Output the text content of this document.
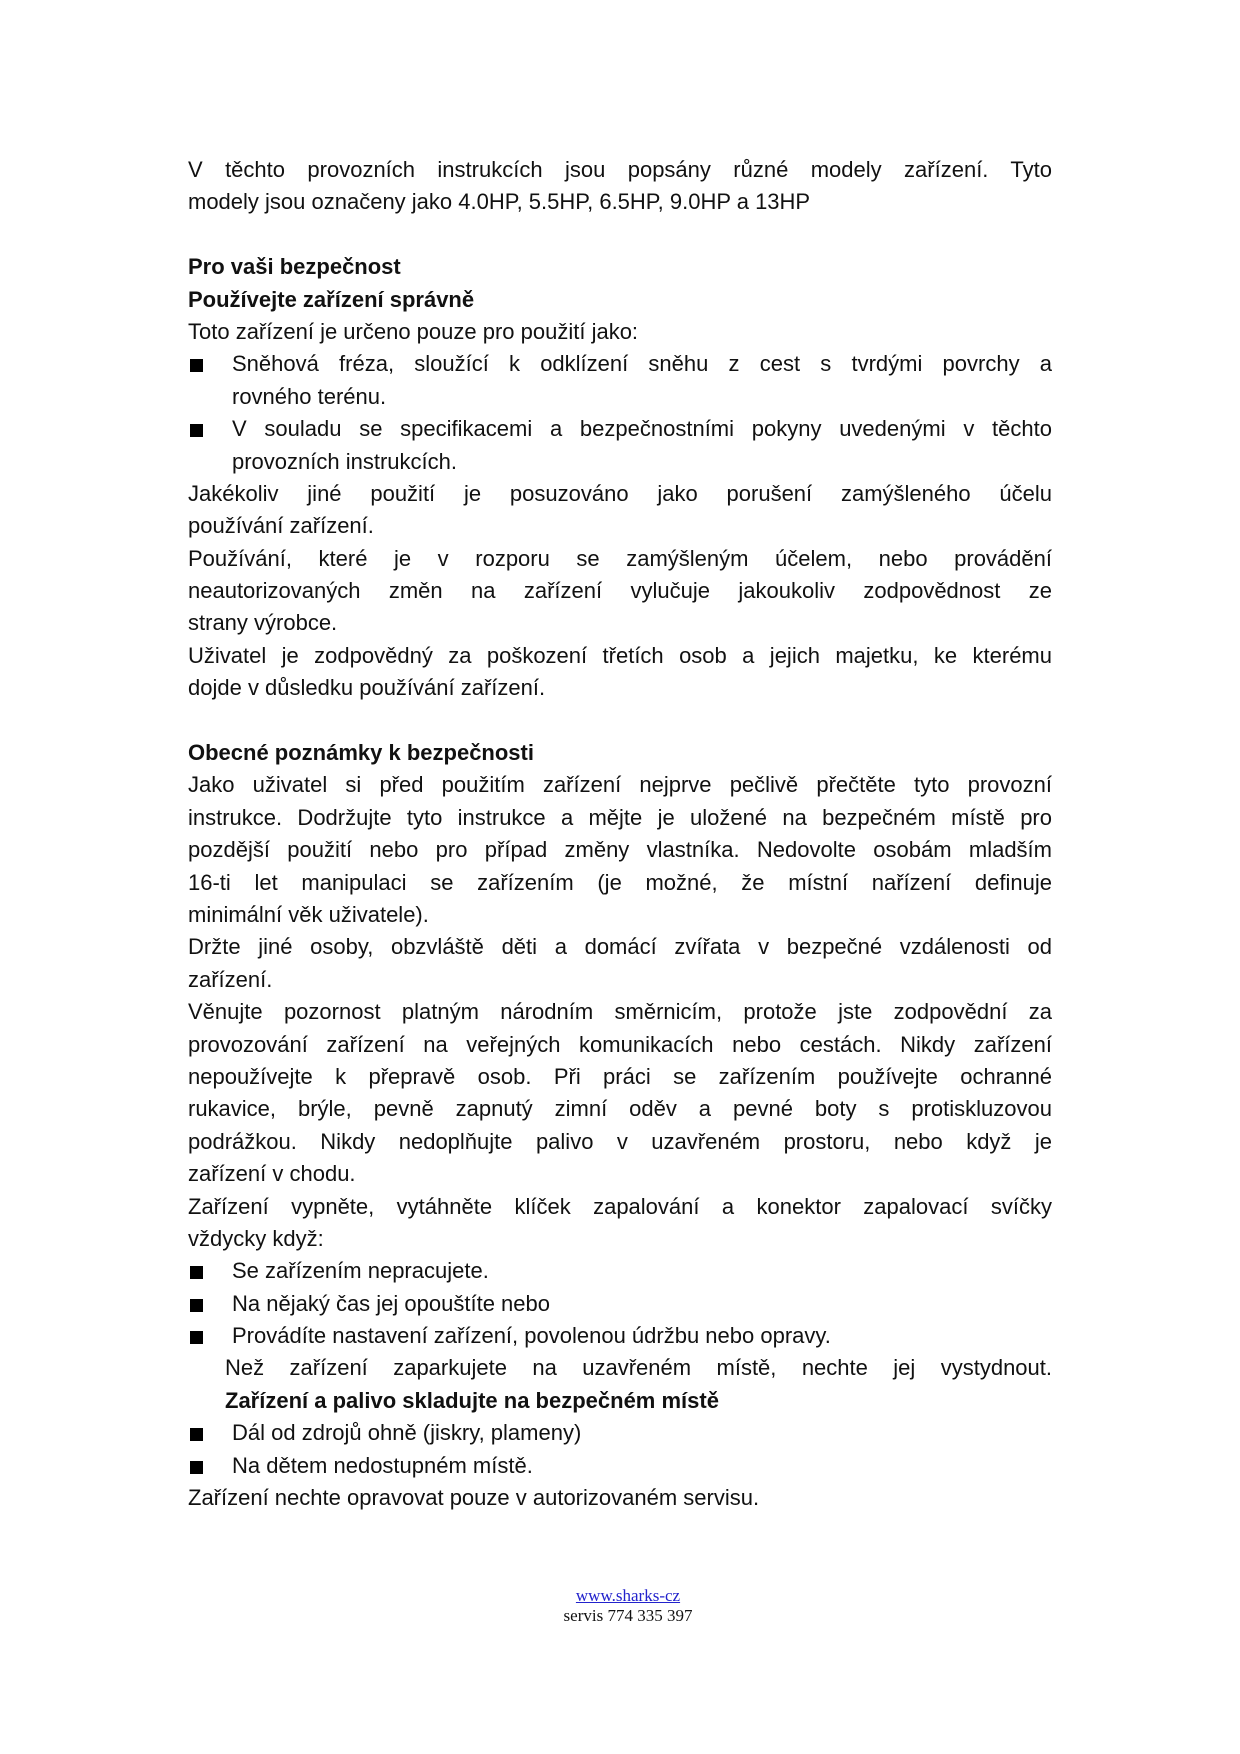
V těchto provozních instrukcích jsou popsány různé modely zařízení. Tyto
modely jsou označeny jako 4.0HP, 5.5HP, 6.5HP, 9.0HP a 13HP
Pro vaši bezpečnost
Používejte zařízení správně
Toto zařízení je určeno pouze pro použití jako:
Sněhová fréza, sloužící k odklízení sněhu z cest s tvrdými povrchy a
rovného terénu.
V souladu se specifikacemi a bezpečnostními pokyny uvedenými v těchto
provozních instrukcích.
Jakékoliv jiné použití je posuzováno jako porušení zamýšleného účelu
používání zařízení.
Používání, které je v rozporu se zamýšleným účelem, nebo provádění
neautorizovaných změn na zařízení vylučuje jakoukoliv zodpovědnost ze
strany výrobce.
Uživatel je zodpovědný za poškození třetích osob a jejich majetku, ke kterému
dojde v důsledku používání zařízení.
Obecné poznámky k bezpečnosti
Jako uživatel si před použitím zařízení nejprve pečlivě přečtěte tyto provozní
instrukce. Dodržujte tyto instrukce a mějte je uložené na bezpečném místě pro
pozdější použití nebo pro případ změny vlastníka. Nedovolte osobám mladším
16-ti let manipulaci se zařízením (je možné, že místní nařízení definuje
minimální věk uživatele).
Držte jiné osoby, obzvláště děti a domácí zvířata v bezpečné vzdálenosti od
zařízení.
Věnujte pozornost platným národním směrnicím, protože jste zodpovědní za
provozování zařízení na veřejných komunikacích nebo cestách. Nikdy zařízení
nepoužívejte k přepravě osob. Při práci se zařízením používejte ochranné
rukavice, brýle, pevně zapnutý zimní oděv a pevné boty s protiskluzovou
podrážkou. Nikdy nedoplňujte palivo v uzavřeném prostoru, nebo když je
zařízení v chodu.
Zařízení vypněte, vytáhněte klíček zapalování a konektor zapalovací svíčky
vždycky když:
Se zařízením nepracujete.
Na nějaký čas jej opouštíte nebo
Provádíte nastavení zařízení, povolenou údržbu nebo opravy.
Než zařízení zaparkujete na uzavřeném místě, nechte jej vystydnout.
Zařízení a palivo skladujte na bezpečném místě
Dál od zdrojů ohně (jiskry, plameny)
Na dětem nedostupném místě.
Zařízení nechte opravovat pouze v autorizovaném servisu.
www.sharks-cz
servis 774 335 397
